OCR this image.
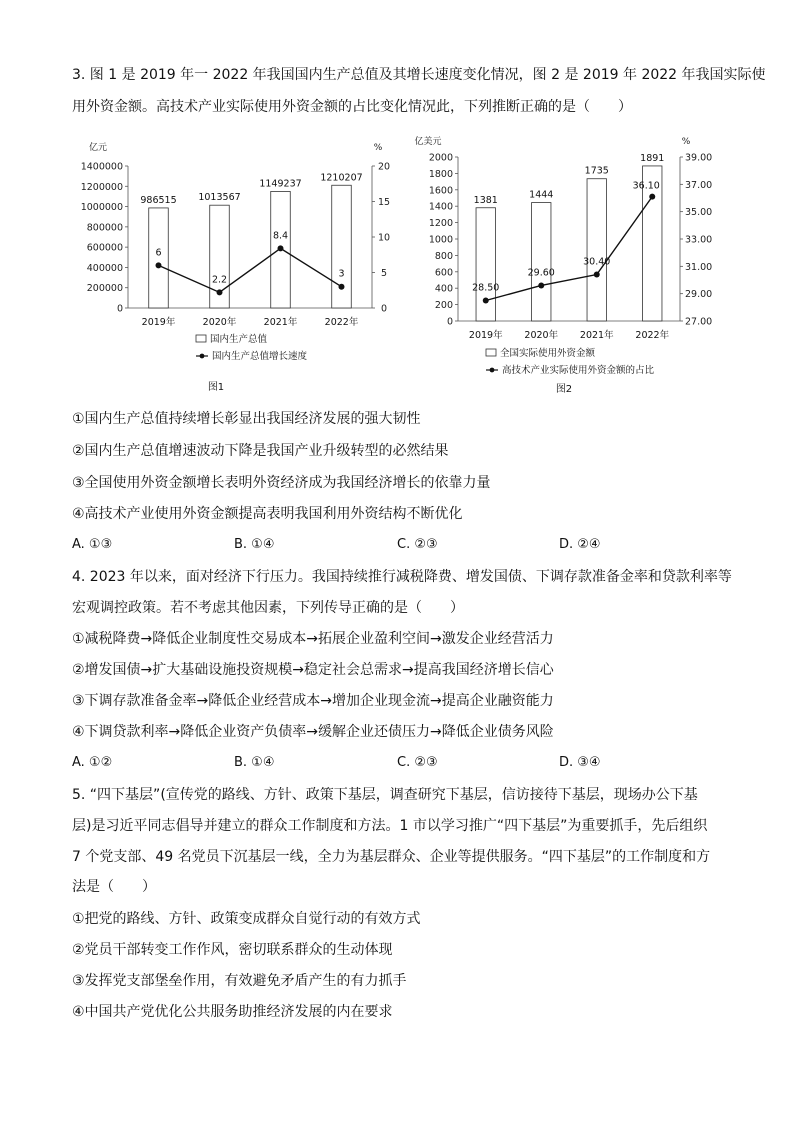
3. 图 1 是 2019 年一 2022 年我国国内生产总值及其增长速度变化情况，图 2 是 2019 年 2022 年我国实际使
用外资金额。高技术产业实际使用外资金额的占比变化情况此，下列推断正确的是（　　）
亿元	%
0
200000
400000
600000
800000
1000000
1200000
1400000
0
5
10
15
20
986515
2019年
1013567
2020年
1149237
2021年
1210207
2022年
6
2.2
8.4
3
国内生产总值
国内生产总值增长速度
图1
亿美元	%
0
200
400
600
800
1000
1200
1400
1600
1800
2000
27.00
29.00
31.00
33.00
35.00
37.00
39.00
1381
2019年
1444
2020年
1735
2021年
1891
2022年
28.50
29.60
30.40
36.10
全国实际使用外资金额
高技术产业实际使用外资金额的占比
图2
①国内生产总值持续增长彰显出我国经济发展的强大韧性
②国内生产总值增速波动下降是我国产业升级转型的必然结果
③全国使用外资金额增长表明外资经济成为我国经济增长的依靠力量
④高技术产业使用外资金额提高表明我国利用外资结构不断优化
A. ①③	B. ①④	C. ②③	D. ②④
4. 2023 年以来，面对经济下行压力。我国持续推行减税降费、增发国债、下调存款准备金率和贷款利率等
宏观调控政策。若不考虑其他因素，下列传导正确的是（　　）
①减税降费→降低企业制度性交易成本→拓展企业盈利空间→激发企业经营活力
②增发国债→扩大基础设施投资规模→稳定社会总需求→提高我国经济增长信心
③下调存款准备金率→降低企业经营成本→增加企业现金流→提高企业融资能力
④下调贷款利率→降低企业资产负债率→缓解企业还债压力→降低企业债务风险
A. ①②	B. ①④	C. ②③	D. ③④
5. “四下基层”(宣传党的路线、方针、政策下基层，调查研究下基层，信访接待下基层，现场办公下基
层)是习近平同志倡导并建立的群众工作制度和方法。1 市以学习推广“四下基层”为重要抓手，先后组织
7 个党支部、49 名党员下沉基层一线，全力为基层群众、企业等提供服务。“四下基层”的工作制度和方
法是（　　）
①把党的路线、方针、政策变成群众自觉行动的有效方式
②党员干部转变工作作风，密切联系群众的生动体现
③发挥党支部堡垒作用，有效避免矛盾产生的有力抓手
④中国共产党优化公共服务助推经济发展的内在要求
